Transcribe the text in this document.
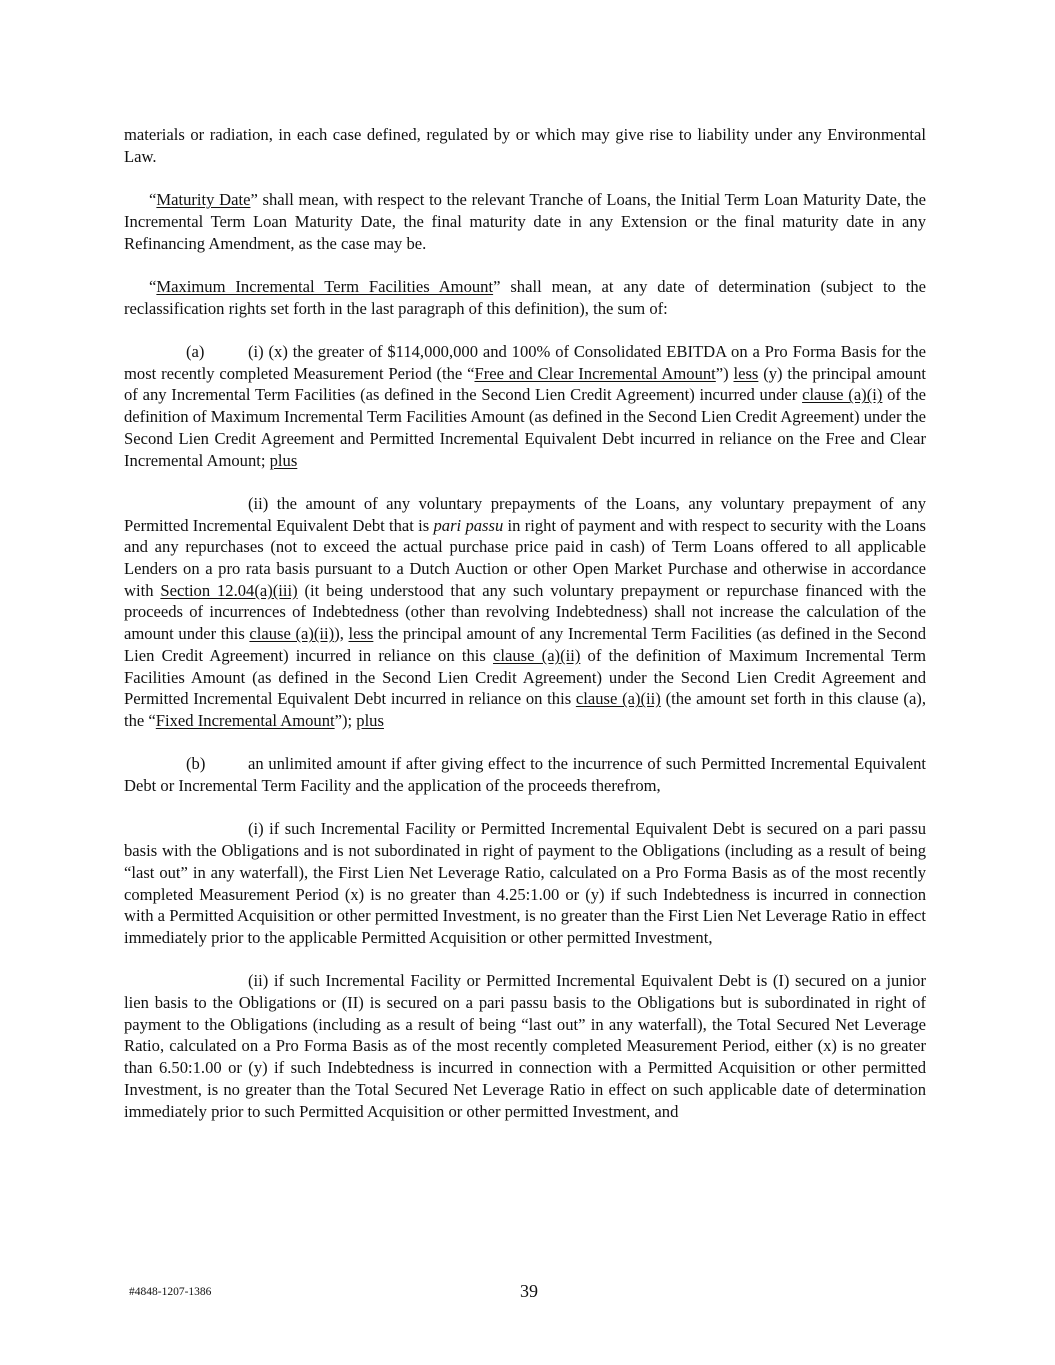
materials or radiation, in each case defined, regulated by or which may give rise to liability under any Environmental Law.

“Maturity Date” shall mean, with respect to the relevant Tranche of Loans, the Initial Term Loan Maturity Date, the Incremental Term Loan Maturity Date, the final maturity date in any Extension or the final maturity date in any Refinancing Amendment, as the case may be.

“Maximum Incremental Term Facilities Amount” shall mean, at any date of determination (subject to the reclassification rights set forth in the last paragraph of this definition), the sum of:

(a)	(i) (x) the greater of $114,000,000 and 100% of Consolidated EBITDA on a Pro Forma Basis for the most recently completed Measurement Period (the “Free and Clear Incremental Amount”) less (y) the principal amount of any Incremental Term Facilities (as defined in the Second Lien Credit Agreement) incurred under clause (a)(i) of the definition of Maximum Incremental Term Facilities Amount (as defined in the Second Lien Credit Agreement) under the Second Lien Credit Agreement and Permitted Incremental Equivalent Debt incurred in reliance on the Free and Clear Incremental Amount; plus

(ii) the amount of any voluntary prepayments of the Loans, any voluntary prepayment of any Permitted Incremental Equivalent Debt that is pari passu in right of payment and with respect to security with the Loans and any repurchases (not to exceed the actual purchase price paid in cash) of Term Loans offered to all applicable Lenders on a pro rata basis pursuant to a Dutch Auction or other Open Market Purchase and otherwise in accordance with Section 12.04(a)(iii) (it being understood that any such voluntary prepayment or repurchase financed with the proceeds of incurrences of Indebtedness (other than revolving Indebtedness) shall not increase the calculation of the amount under this clause (a)(ii)), less the principal amount of any Incremental Term Facilities (as defined in the Second Lien Credit Agreement) incurred in reliance on this clause (a)(ii) of the definition of Maximum Incremental Term Facilities Amount (as defined in the Second Lien Credit Agreement) under the Second Lien Credit Agreement and Permitted Incremental Equivalent Debt incurred in reliance on this clause (a)(ii) (the amount set forth in this clause (a), the “Fixed Incremental Amount”); plus

(b)	an unlimited amount if after giving effect to the incurrence of such Permitted Incremental Equivalent Debt or Incremental Term Facility and the application of the proceeds therefrom,

(i) if such Incremental Facility or Permitted Incremental Equivalent Debt is secured on a pari passu basis with the Obligations and is not subordinated in right of payment to the Obligations (including as a result of being “last out” in any waterfall), the First Lien Net Leverage Ratio, calculated on a Pro Forma Basis as of the most recently completed Measurement Period (x) is no greater than 4.25:1.00 or (y) if such Indebtedness is incurred in connection with a Permitted Acquisition or other permitted Investment, is no greater than the First Lien Net Leverage Ratio in effect immediately prior to the applicable Permitted Acquisition or other permitted Investment,

(ii) if such Incremental Facility or Permitted Incremental Equivalent Debt is (I) secured on a junior lien basis to the Obligations or (II) is secured on a pari passu basis to the Obligations but is subordinated in right of payment to the Obligations (including as a result of being “last out” in any waterfall), the Total Secured Net Leverage Ratio, calculated on a Pro Forma Basis as of the most recently completed Measurement Period, either (x) is no greater than 6.50:1.00 or (y) if such Indebtedness is incurred in connection with a Permitted Acquisition or other permitted Investment, is no greater than the Total Secured Net Leverage Ratio in effect on such applicable date of determination immediately prior to such Permitted Acquisition or other permitted Investment, and

#4848-1207-1386	39
